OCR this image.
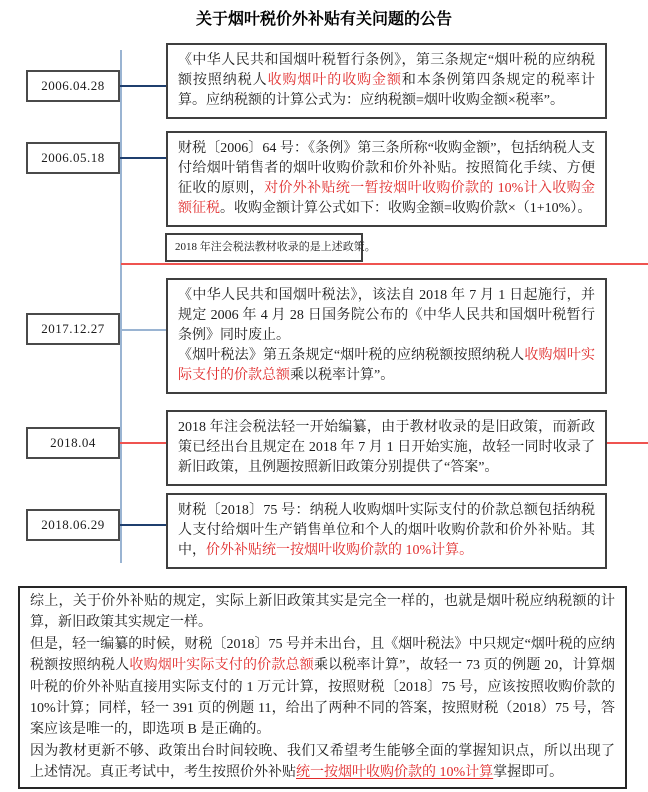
关于烟叶税价外补贴有关问题的公告
2006.04.28
2006.05.18
2017.12.27
2018.04
2018.06.29

《中华人民共和国烟叶税暂行条例》，第三条规定“烟叶税的应纳税额按照纳税人收购烟叶的收购金额和本条例第四条规定的税率计算。应纳税额的计算公式为：应纳税额=烟叶收购金额×税率”。

财税〔2006〕64 号：《条例》第三条所称“收购金额”，包括纳税人支付给烟叶销售者的烟叶收购价款和价外补贴。按照简化手续、方便征收的原则，对价外补贴统一暂按烟叶收购价款的 10%计入收购金额征税。收购金额计算公式如下：收购金额=收购价款×（1+10%）。

2018 年注会税法教材收录的是上述政策。

《中华人民共和国烟叶税法》，该法自 2018 年 7 月 1 日起施行，并规定 2006 年 4 月 28 日国务院公布的《中华人民共和国烟叶税暂行条例》同时废止。

《烟叶税法》第五条规定“烟叶税的应纳税额按照纳税人收购烟叶实际支付的价款总额乘以税率计算”。

2018 年注会税法轻一开始编纂，由于教材收录的是旧政策，而新政策已经出台且规定在 2018 年 7 月 1 日开始实施，故轻一同时收录了新旧政策，且例题按照新旧政策分别提供了“答案”。

财税〔2018〕75 号：纳税人收购烟叶实际支付的价款总额包括纳税人支付给烟叶生产销售单位和个人的烟叶收购价款和价外补贴。其中，价外补贴统一按烟叶收购价款的 10%计算。

综上，关于价外补贴的规定，实际上新旧政策其实是完全一样的，也就是烟叶税应纳税额的计算，新旧政策其实规定一样。

但是，轻一编纂的时候，财税〔2018〕75 号并未出台，且《烟叶税法》中只规定“烟叶税的应纳税额按照纳税人收购烟叶实际支付的价款总额乘以税率计算”，故轻一 73 页的例题 20，计算烟叶税的价外补贴直接用实际支付的 1 万元计算，按照财税〔2018〕75 号，应该按照收购价款的 10%计算；同样，轻一 391 页的例题 11，给出了两种不同的答案，按照财税（2018）75 号，答案应该是唯一的，即选项 B 是正确的。

因为教材更新不够、政策出台时间较晚、我们又希望考生能够全面的掌握知识点，所以出现了上述情况。真正考试中，考生按照价外补贴统一按烟叶收购价款的 10%计算掌握即可。
